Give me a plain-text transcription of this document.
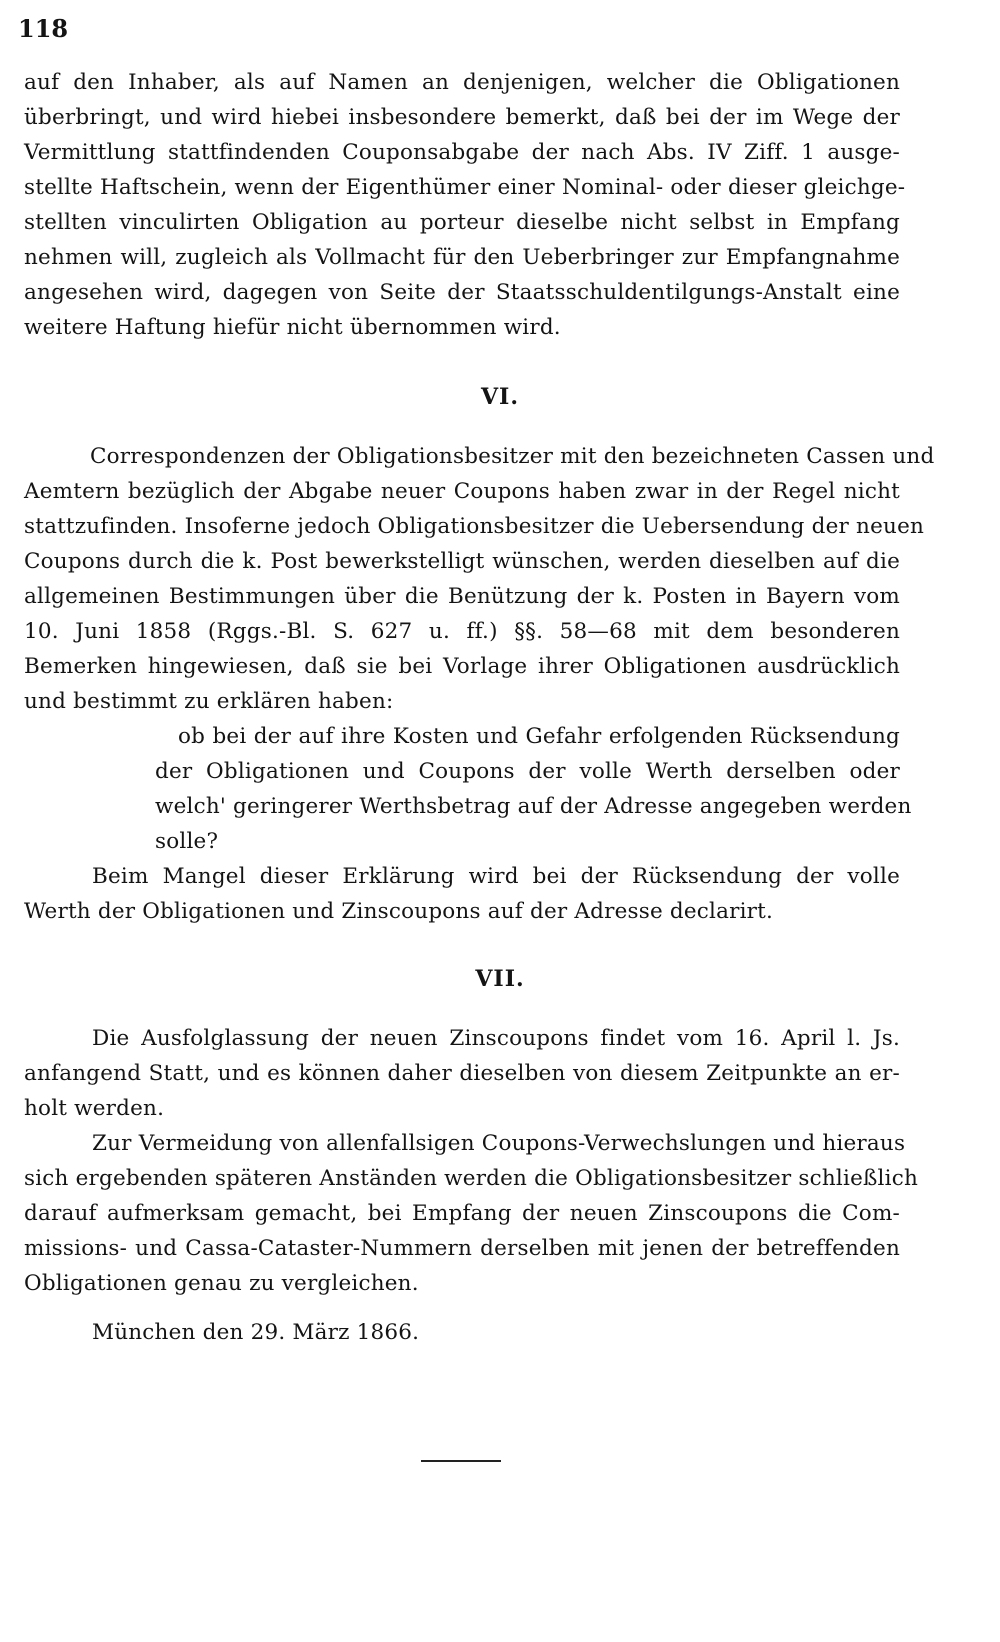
118
auf den Inhaber, als auf Namen an denjenigen, welcher die Obligationen
überbringt, und wird hiebei insbesondere bemerkt, daß bei der im Wege der
Vermittlung stattfindenden Couponsabgabe der nach Abs. IV Ziff. 1 ausge-
stellte Haftschein, wenn der Eigenthümer einer Nominal- oder dieser gleichge-
stellten vinculirten Obligation au porteur dieselbe nicht selbst in Empfang
nehmen will, zugleich als Vollmacht für den Ueberbringer zur Empfangnahme
angesehen wird, dagegen von Seite der Staatsschuldentilgungs-Anstalt eine
weitere Haftung hiefür nicht übernommen wird.
VI.
Correspondenzen der Obligationsbesitzer mit den bezeichneten Cassen und
Aemtern bezüglich der Abgabe neuer Coupons haben zwar in der Regel nicht
stattzufinden. Insoferne jedoch Obligationsbesitzer die Uebersendung der neuen
Coupons durch die k. Post bewerkstelligt wünschen, werden dieselben auf die
allgemeinen Bestimmungen über die Benützung der k. Posten in Bayern vom
10. Juni 1858 (Rggs.-Bl. S. 627 u. ff.) §§. 58—68 mit dem besonderen
Bemerken hingewiesen, daß sie bei Vorlage ihrer Obligationen ausdrücklich
und bestimmt zu erklären haben:
ob bei der auf ihre Kosten und Gefahr erfolgenden Rücksendung
der Obligationen und Coupons der volle Werth derselben oder
welch' geringerer Werthsbetrag auf der Adresse angegeben werden
solle?
Beim Mangel dieser Erklärung wird bei der Rücksendung der volle
Werth der Obligationen und Zinscoupons auf der Adresse declarirt.
VII.
Die Ausfolglassung der neuen Zinscoupons findet vom 16. April l. Js.
anfangend Statt, und es können daher dieselben von diesem Zeitpunkte an er-
holt werden.
Zur Vermeidung von allenfallsigen Coupons-Verwechslungen und hieraus
sich ergebenden späteren Anständen werden die Obligationsbesitzer schließlich
darauf aufmerksam gemacht, bei Empfang der neuen Zinscoupons die Com-
missions- und Cassa-Cataster-Nummern derselben mit jenen der betreffenden
Obligationen genau zu vergleichen.
München den 29. März 1866.
